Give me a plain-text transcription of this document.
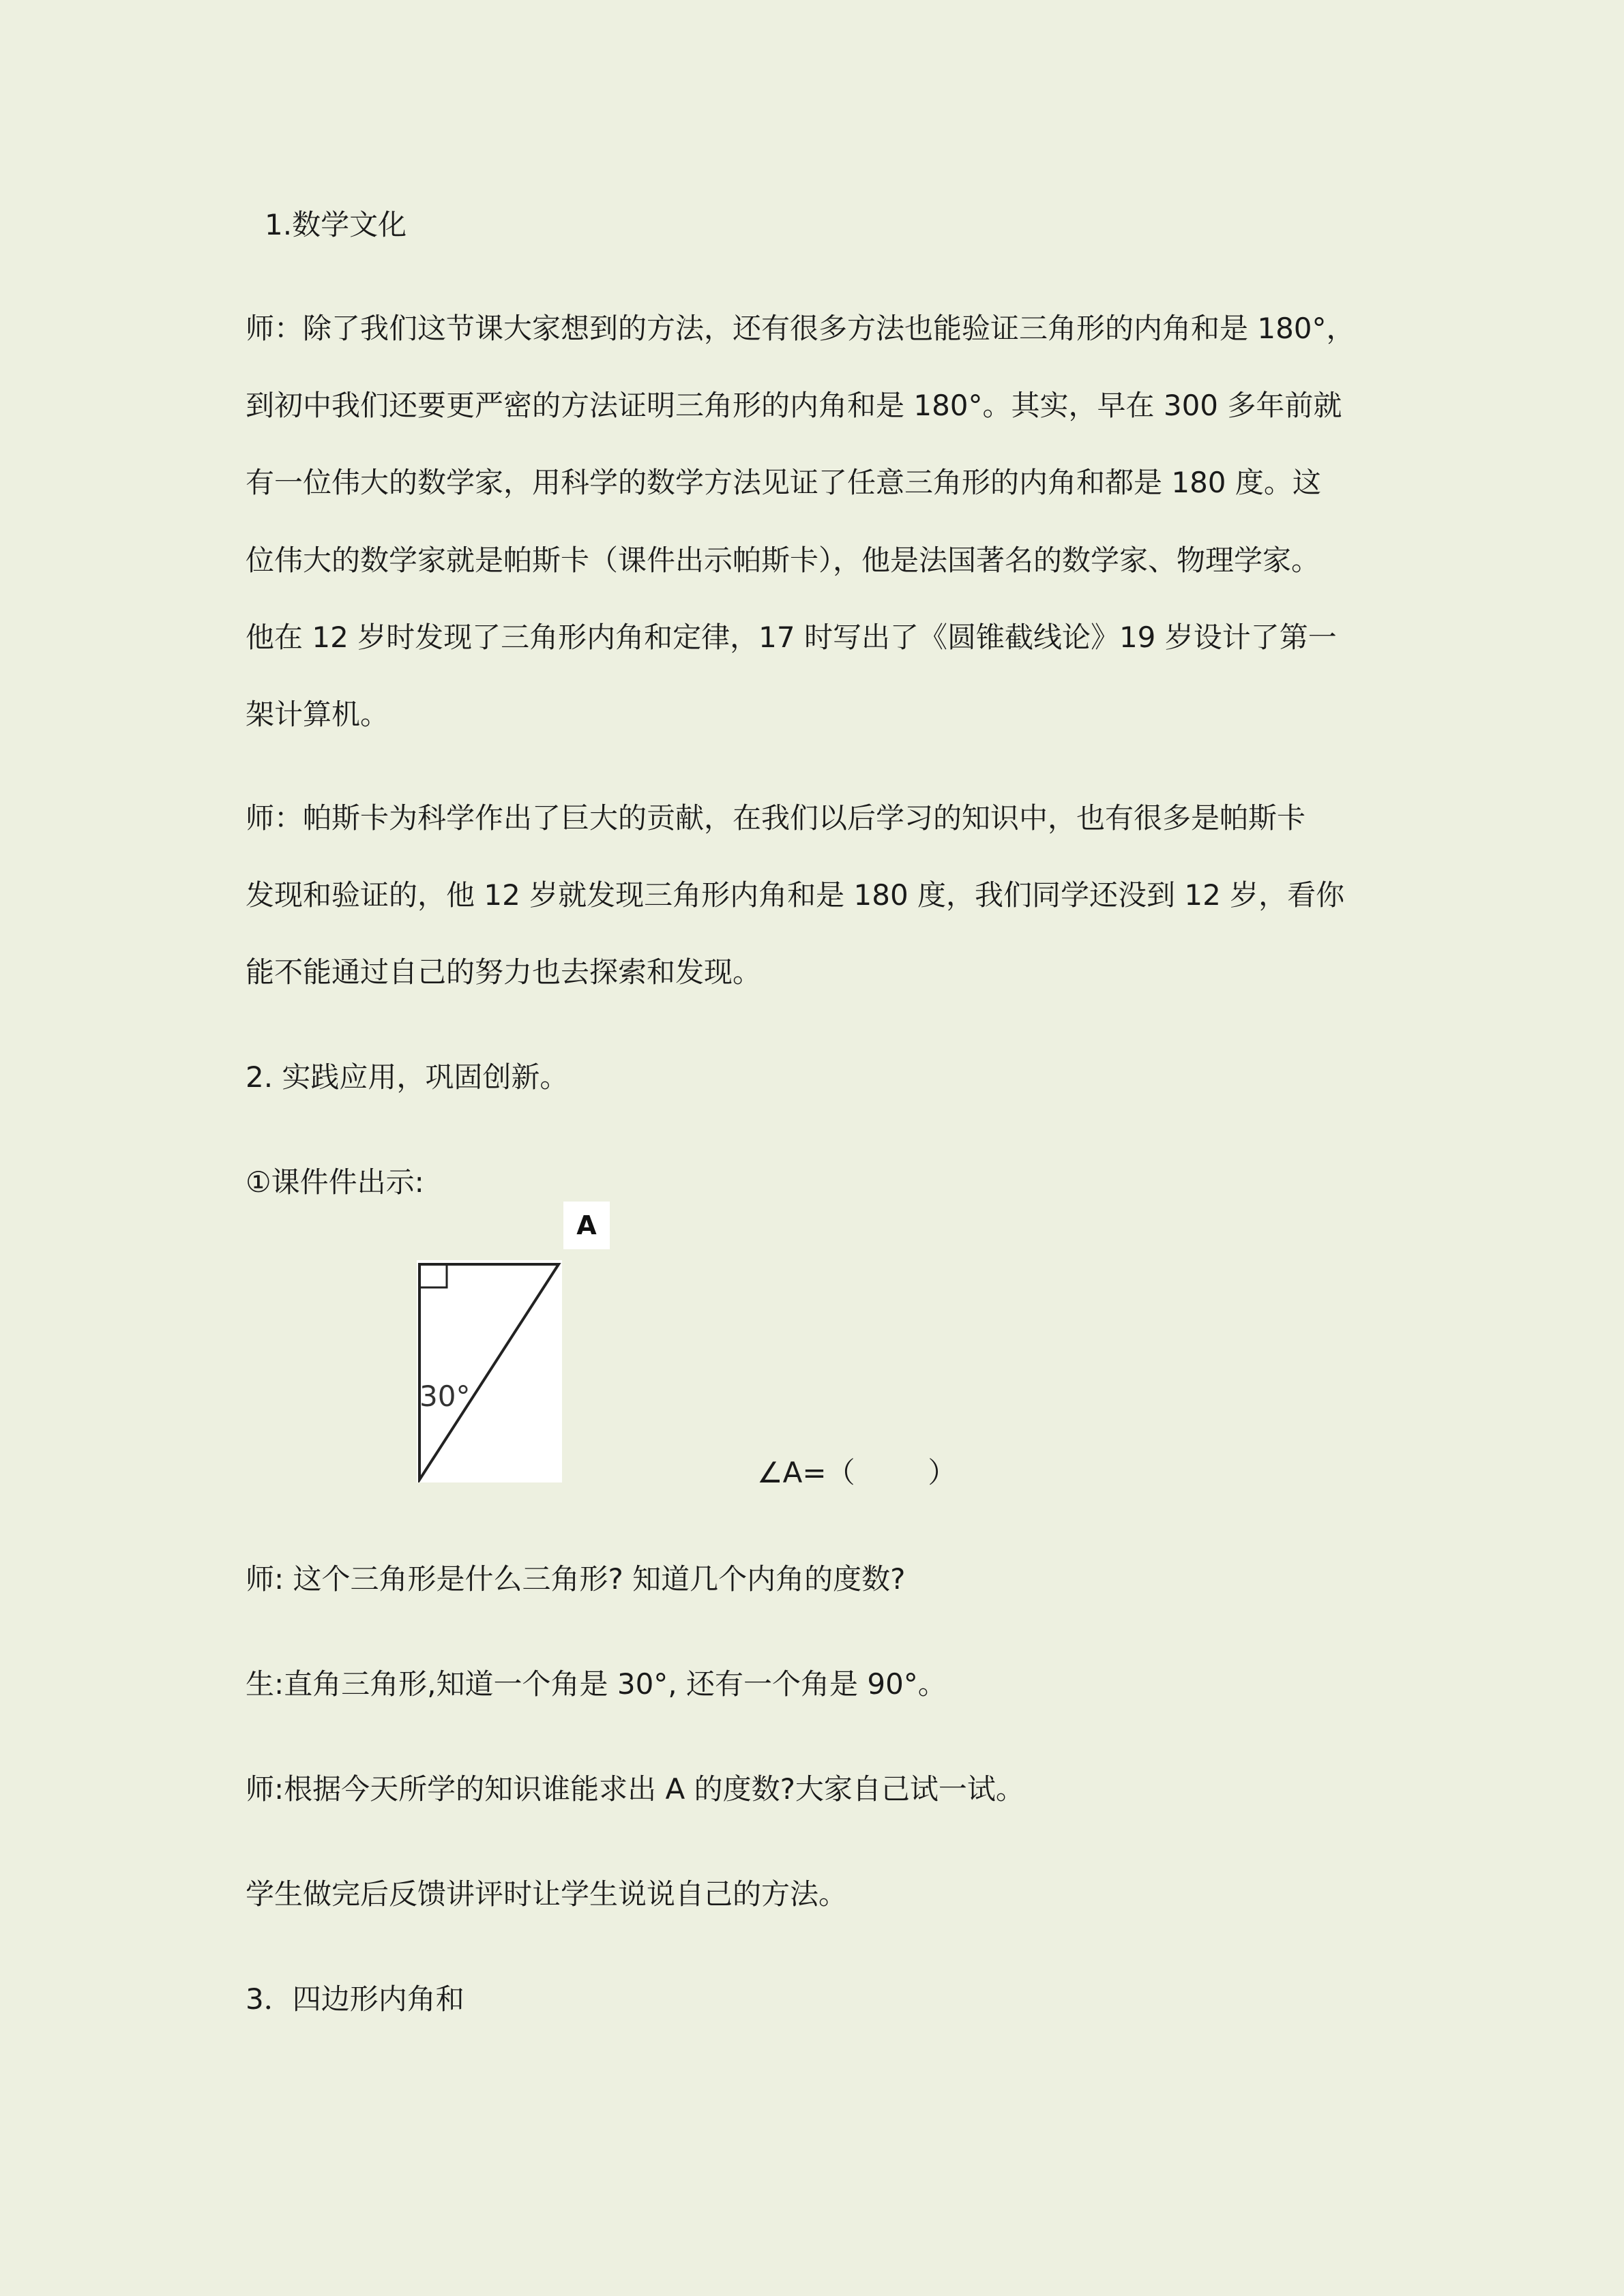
1.数学文化
师：除了我们这节课大家想到的方法，还有很多方法也能验证三角形的内角和是 180°，
到初中我们还要更严密的方法证明三角形的内角和是 180°。其实，早在 300 多年前就
有一位伟大的数学家，用科学的数学方法见证了任意三角形的内角和都是 180 度。这
位伟大的数学家就是帕斯卡（课件出示帕斯卡），他是法国著名的数学家、物理学家。
他在 12 岁时发现了三角形内角和定律，17 时写出了《圆锥截线论》19 岁设计了第一
架计算机。
师：帕斯卡为科学作出了巨大的贡献，在我们以后学习的知识中，也有很多是帕斯卡
发现和验证的，他 12 岁就发现三角形内角和是 180 度，我们同学还没到 12 岁，看你
能不能通过自己的努力也去探索和发现。
2. 实践应用，巩固创新。
①课件件出示:
A
30°
∠A=（        ）
师: 这个三角形是什么三角形? 知道几个内角的度数?
生:直角三角形,知道一个角是 30°, 还有一个角是 90°。
师:根据今天所学的知识谁能求出 A 的度数?大家自己试一试。
学生做完后反馈讲评时让学生说说自己的方法。
3．四边形内角和
